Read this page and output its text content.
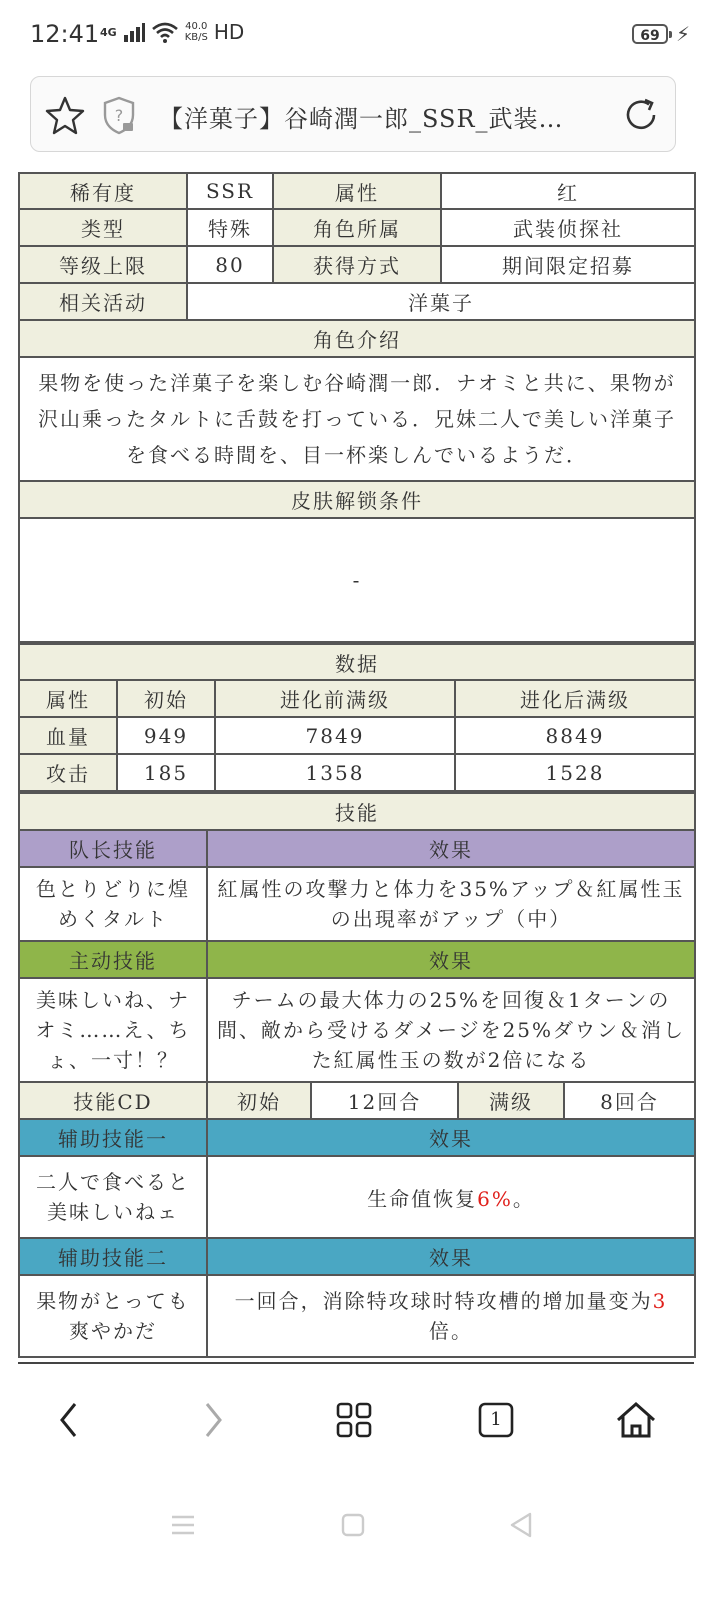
12:41 4G	40.0
KB/S HD	69 ⚡
? 【洋菓子】谷崎潤一郎_SSR_武装…
稀有度	SSR	属性	红
类型	特殊	角色所属	武装侦探社
等级上限	80	获得方式	期间限定招募
相关活动	洋菓子		
角色介绍			
果物を使った洋菓子を楽しむ谷崎潤一郎．ナオミと共に、果物が沢山乗ったタルトに舌鼓を打っている．兄妹二人で美しい洋菓子を食べる時間を、目一杯楽しんでいるようだ．			
皮肤解锁条件			
-			
数据			
属性	初始	进化前满级	进化后满级
血量	949	7849	8849
攻击	185	1358	1528
技能				
队长技能	效果			
色とりどりに煌めくタルト	紅属性の攻撃力と体力を35%アップ＆紅属性玉の出現率がアップ（中）			
主动技能	效果			
美味しいね、ナオミ……え、ちょ、一寸！？	チームの最大体力の25%を回復＆1ターンの間、敵から受けるダメージを25%ダウン＆消した紅属性玉の数が2倍になる			
技能CD	初始	12回合	满级	8回合
辅助技能一	效果			
二人で食べると美味しいねェ	生命值恢复6%。			
辅助技能二	效果			
果物がとっても爽やかだ	一回合，消除特攻球时特攻槽的增加量变为3倍。			
1
